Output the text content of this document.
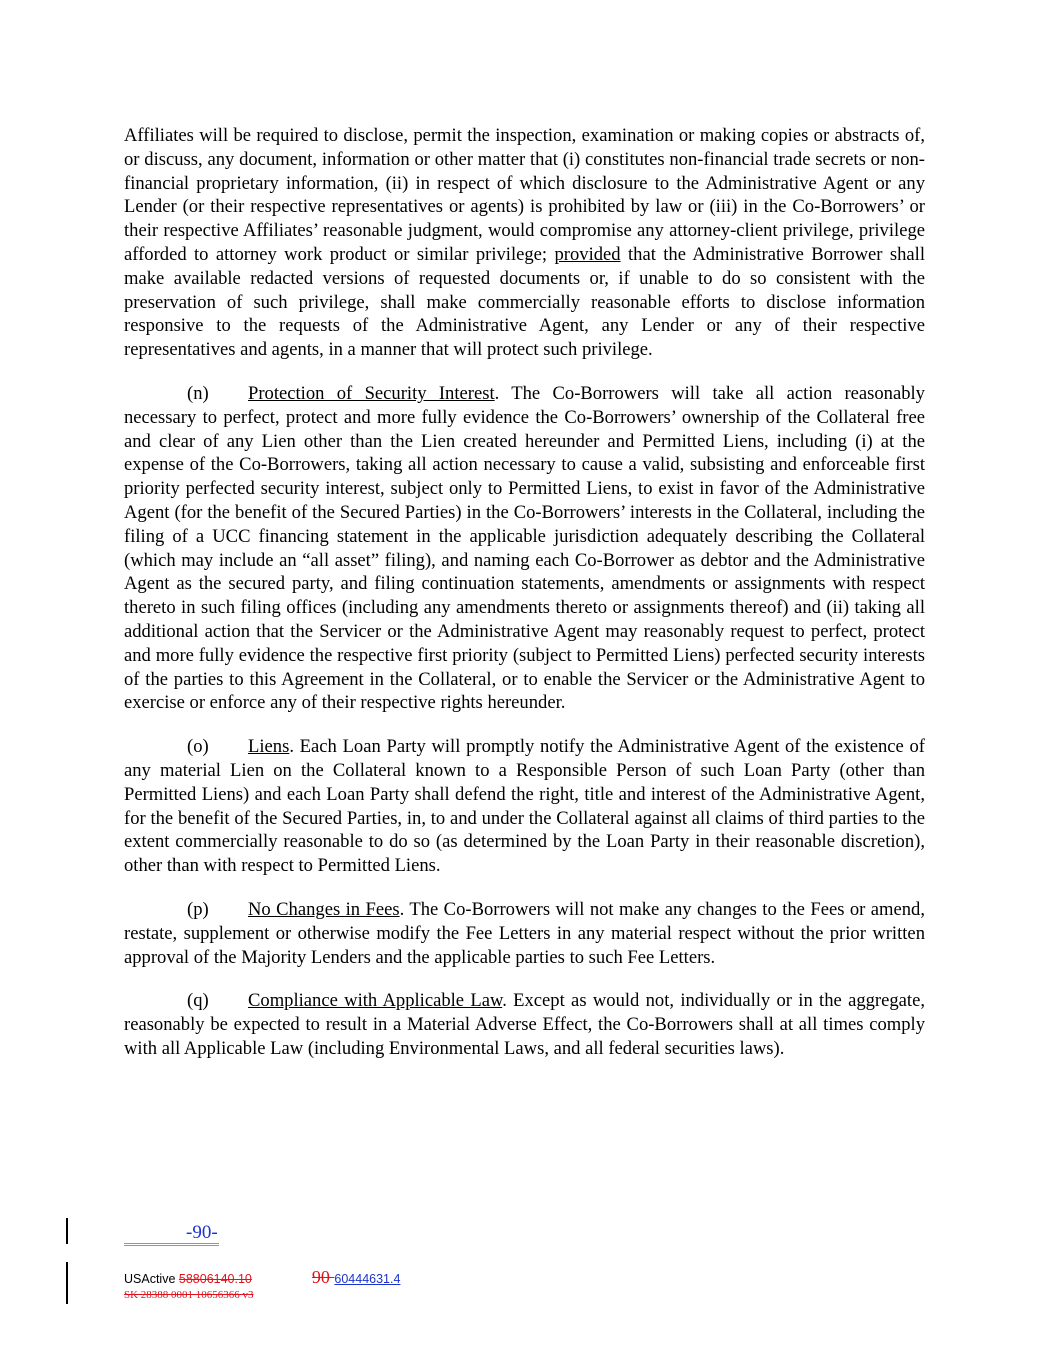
Affiliates will be required to disclose, permit the inspection, examination or making copies or abstracts of, or discuss, any document, information or other matter that (i) constitutes non-financial trade secrets or non-financial proprietary information, (ii) in respect of which disclosure to the Administrative Agent or any Lender (or their respective representatives or agents) is prohibited by law or (iii) in the Co-Borrowers’ or their respective Affiliates’ reasonable judgment, would compromise any attorney-client privilege, privilege afforded to attorney work product or similar privilege; provided that the Administrative Borrower shall make available redacted versions of requested documents or, if unable to do so consistent with the preservation of such privilege, shall make commercially reasonable efforts to disclose information responsive to the requests of the Administrative Agent, any Lender or any of their respective representatives and agents, in a manner that will protect such privilege.

(n) Protection of Security Interest. The Co-Borrowers will take all action reasonably necessary to perfect, protect and more fully evidence the Co-Borrowers’ ownership of the Collateral free and clear of any Lien other than the Lien created hereunder and Permitted Liens, including (i) at the expense of the Co-Borrowers, taking all action necessary to cause a valid, subsisting and enforceable first priority perfected security interest, subject only to Permitted Liens, to exist in favor of the Administrative Agent (for the benefit of the Secured Parties) in the Co-Borrowers’ interests in the Collateral, including the filing of a UCC financing statement in the applicable jurisdiction adequately describing the Collateral (which may include an “all asset” filing), and naming each Co-Borrower as debtor and the Administrative Agent as the secured party, and filing continuation statements, amendments or assignments with respect thereto in such filing offices (including any amendments thereto or assignments thereof) and (ii) taking all additional action that the Servicer or the Administrative Agent may reasonably request to perfect, protect and more fully evidence the respective first priority (subject to Permitted Liens) perfected security interests of the parties to this Agreement in the Collateral, or to enable the Servicer or the Administrative Agent to exercise or enforce any of their respective rights hereunder.

(o) Liens. Each Loan Party will promptly notify the Administrative Agent of the existence of any material Lien on the Collateral known to a Responsible Person of such Loan Party (other than Permitted Liens) and each Loan Party shall defend the right, title and interest of the Administrative Agent, for the benefit of the Secured Parties, in, to and under the Collateral against all claims of third parties to the extent commercially reasonable to do so (as determined by the Loan Party in their reasonable discretion), other than with respect to Permitted Liens.

(p) No Changes in Fees. The Co-Borrowers will not make any changes to the Fees or amend, restate, supplement or otherwise modify the Fee Letters in any material respect without the prior written approval of the Majority Lenders and the applicable parties to such Fee Letters.

(q) Compliance with Applicable Law. Except as would not, individually or in the aggregate, reasonably be expected to result in a Material Adverse Effect, the Co-Borrowers shall at all times comply with all Applicable Law (including Environmental Laws, and all federal securities laws).

-90-
USActive 58806140.10	90 60444631.4
SK 28388 0001 10656366 v3
